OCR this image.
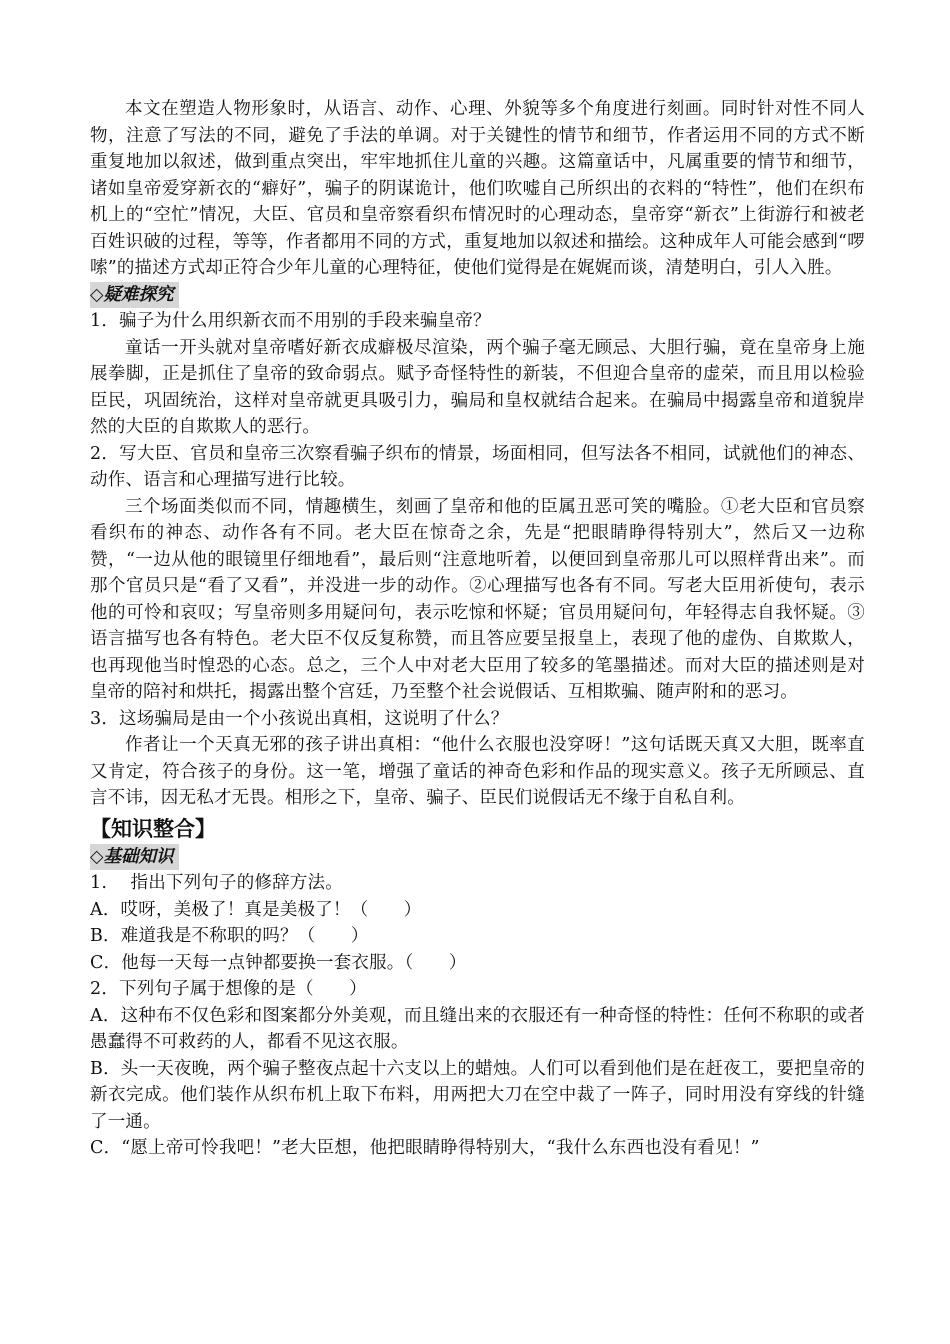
本文在塑造人物形象时，从语言、动作、心理、外貌等多个角度进行刻画。同时针对性不同人物，注意了写法的不同，避免了手法的单调。对于关键性的情节和细节，作者运用不同的方式不断重复地加以叙述，做到重点突出，牢牢地抓住儿童的兴趣。这篇童话中，凡属重要的情节和细节，诸如皇帝爱穿新衣的“癖好”，骗子的阴谋诡计，他们吹嘘自己所织出的衣料的“特性”，他们在织布机上的“空忙”情况，大臣、官员和皇帝察看织布情况时的心理动态，皇帝穿“新衣”上街游行和被老百姓识破的过程，等等，作者都用不同的方式，重复地加以叙述和描绘。这种成年人可能会感到“啰嗦”的描述方式却正符合少年儿童的心理特征，使他们觉得是在娓娓而谈，清楚明白，引人入胜。

◇疑难探究
1．骗子为什么用织新衣而不用别的手段来骗皇帝？

童话一开头就对皇帝嗜好新衣成癖极尽渲染，两个骗子毫无顾忌、大胆行骗，竟在皇帝身上施展拳脚，正是抓住了皇帝的致命弱点。赋予奇怪特性的新装，不但迎合皇帝的虚荣，而且用以检验臣民，巩固统治，这样对皇帝就更具吸引力，骗局和皇权就结合起来。在骗局中揭露皇帝和道貌岸然的大臣的自欺欺人的恶行。

2．写大臣、官员和皇帝三次察看骗子织布的情景，场面相同，但写法各不相同，试就他们的神态、动作、语言和心理描写进行比较。

三个场面类似而不同，情趣横生，刻画了皇帝和他的臣属丑恶可笑的嘴脸。①老大臣和官员察看织布的神态、动作各有不同。老大臣在惊奇之余，先是“把眼睛睁得特别大”，然后又一边称赞，“一边从他的眼镜里仔细地看”，最后则“注意地听着，以便回到皇帝那儿可以照样背出来”。而那个官员只是“看了又看”，并没进一步的动作。②心理描写也各有不同。写老大臣用祈使句，表示他的可怜和哀叹；写皇帝则多用疑问句，表示吃惊和怀疑；官员用疑问句，年轻得志自我怀疑。③语言描写也各有特色。老大臣不仅反复称赞，而且答应要呈报皇上，表现了他的虚伪、自欺欺人，也再现他当时惶恐的心态。总之，三个人中对老大臣用了较多的笔墨描述。而对大臣的描述则是对皇帝的陪衬和烘托，揭露出整个宫廷，乃至整个社会说假话、互相欺骗、随声附和的恶习。

3．这场骗局是由一个小孩说出真相，这说明了什么？

作者让一个天真无邪的孩子讲出真相：“他什么衣服也没穿呀！”这句话既天真又大胆，既率直又肯定，符合孩子的身份。这一笔，增强了童话的神奇色彩和作品的现实意义。孩子无所顾忌、直言不讳，因无私才无畏。相形之下，皇帝、骗子、臣民们说假话无不缘于自私自利。

【知识整合】
◇基础知识
1.　 指出下列句子的修辞方法。
A．哎呀，美极了！真是美极了！（　　）
B．难道我是不称职的吗？（　　）
C．他每一天每一点钟都要换一套衣服。（　　）
2．下列句子属于想像的是（　　）
A．这种布不仅色彩和图案都分外美观，而且缝出来的衣服还有一种奇怪的特性：任何不称职的或者愚蠢得不可救药的人，都看不见这衣服。
B．头一天夜晚，两个骗子整夜点起十六支以上的蜡烛。人们可以看到他们是在赶夜工，要把皇帝的新衣完成。他们装作从织布机上取下布料，用两把大刀在空中裁了一阵子，同时用没有穿线的针缝了一通。
C．“愿上帝可怜我吧！”老大臣想，他把眼睛睁得特别大，“我什么东西也没有看见！”
